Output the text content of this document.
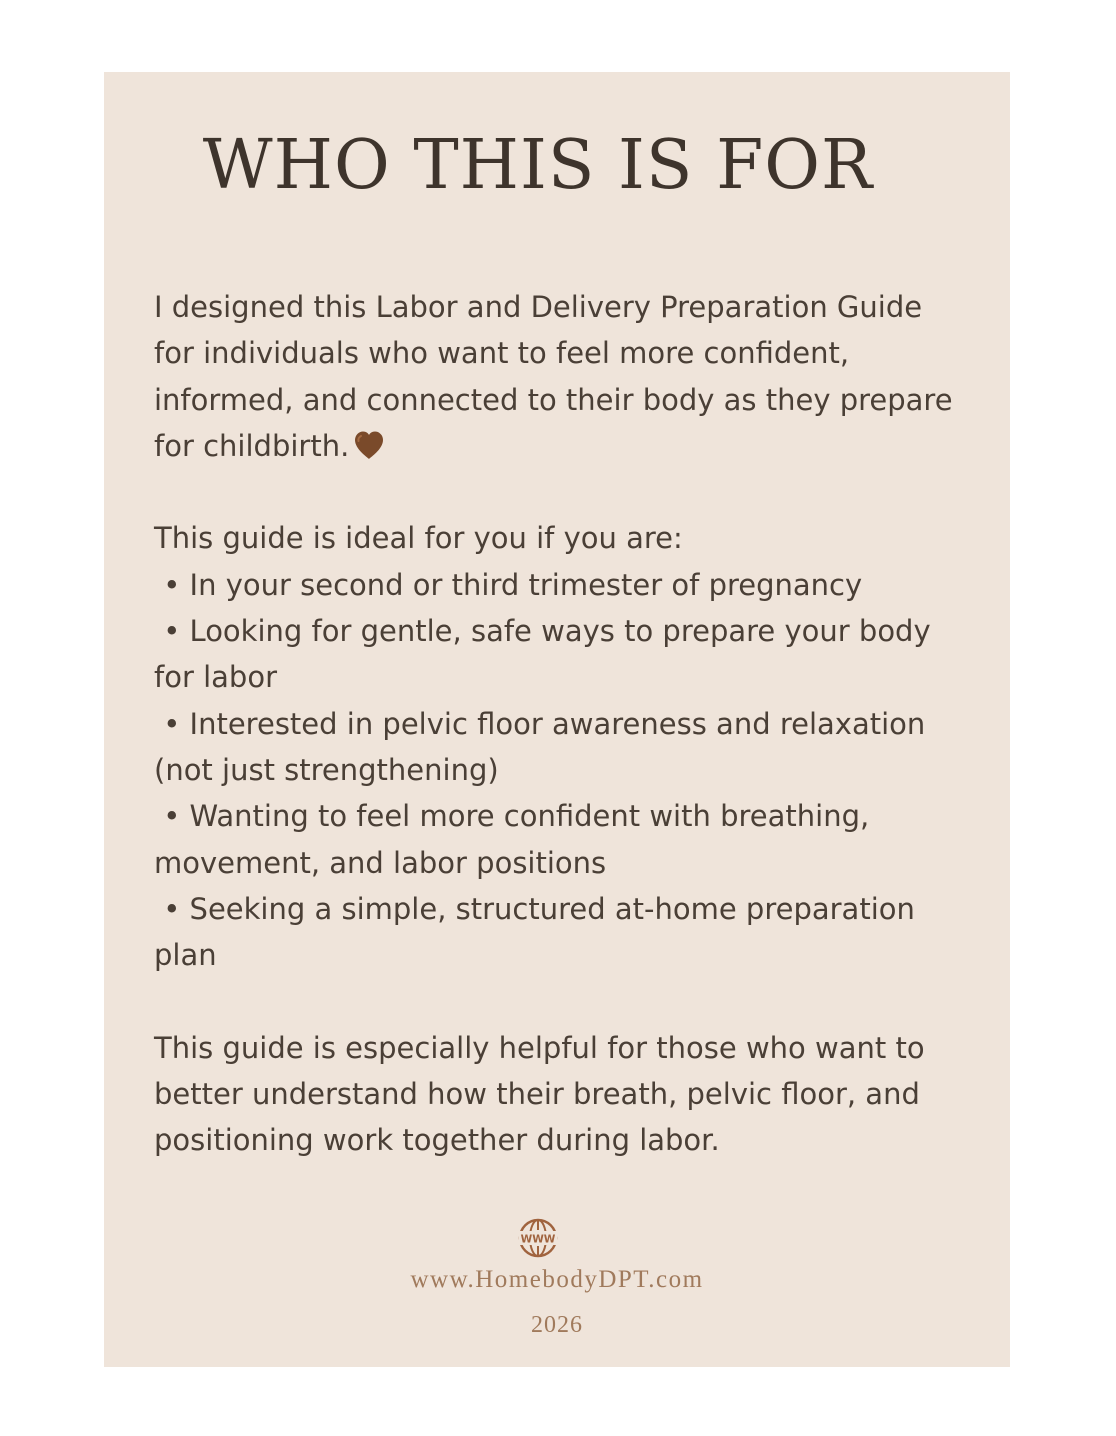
WHO THIS IS FOR
I designed this Labor and Delivery Preparation Guide
for individuals who want to feel more confident,
informed, and connected to their body as they prepare
for childbirth.
This guide is ideal for you if you are:
• In your second or third trimester of pregnancy
• Looking for gentle, safe ways to prepare your body
for labor
• Interested in pelvic floor awareness and relaxation
(not just strengthening)
• Wanting to feel more confident with breathing,
movement, and labor positions
• Seeking a simple, structured at-home preparation
plan
This guide is especially helpful for those who want to
better understand how their breath, pelvic floor, and
positioning work together during labor.
WWW
www.HomebodyDPT.com
2026
